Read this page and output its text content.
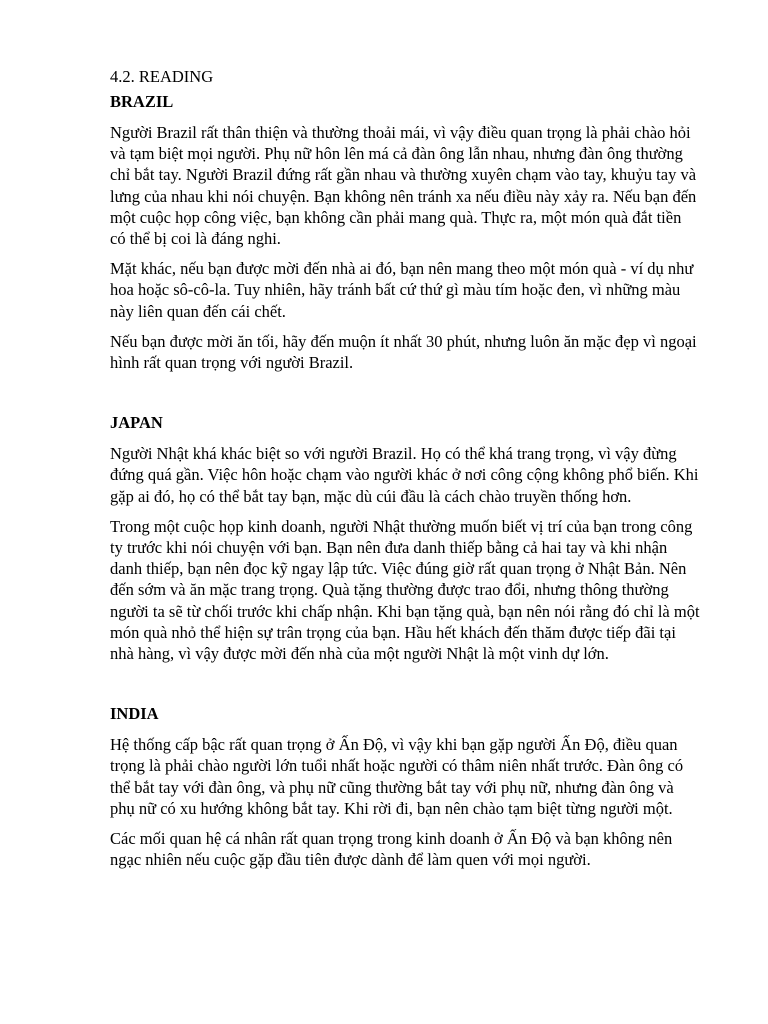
4.2. READING
BRAZIL

Người Brazil rất thân thiện và thường thoải mái, vì vậy điều quan trọng là phải chào hỏi và tạm biệt mọi người. Phụ nữ hôn lên má cả đàn ông lẫn nhau, nhưng đàn ông thường chỉ bắt tay. Người Brazil đứng rất gần nhau và thường xuyên chạm vào tay, khuỷu tay và lưng của nhau khi nói chuyện. Bạn không nên tránh xa nếu điều này xảy ra. Nếu bạn đến một cuộc họp công việc, bạn không cần phải mang quà. Thực ra, một món quà đắt tiền có thể bị coi là đáng nghi.

Mặt khác, nếu bạn được mời đến nhà ai đó, bạn nên mang theo một món quà - ví dụ như hoa hoặc sô-cô-la. Tuy nhiên, hãy tránh bất cứ thứ gì màu tím hoặc đen, vì những màu này liên quan đến cái chết.

Nếu bạn được mời ăn tối, hãy đến muộn ít nhất 30 phút, nhưng luôn ăn mặc đẹp vì ngoại hình rất quan trọng với người Brazil.

JAPAN

Người Nhật khá khác biệt so với người Brazil. Họ có thể khá trang trọng, vì vậy đừng đứng quá gần. Việc hôn hoặc chạm vào người khác ở nơi công cộng không phổ biến. Khi gặp ai đó, họ có thể bắt tay bạn, mặc dù cúi đầu là cách chào truyền thống hơn.

Trong một cuộc họp kinh doanh, người Nhật thường muốn biết vị trí của bạn trong công ty trước khi nói chuyện với bạn. Bạn nên đưa danh thiếp bằng cả hai tay và khi nhận danh thiếp, bạn nên đọc kỹ ngay lập tức. Việc đúng giờ rất quan trọng ở Nhật Bản. Nên đến sớm và ăn mặc trang trọng. Quà tặng thường được trao đổi, nhưng thông thường người ta sẽ từ chối trước khi chấp nhận. Khi bạn tặng quà, bạn nên nói rằng đó chỉ là một món quà nhỏ thể hiện sự trân trọng của bạn. Hầu hết khách đến thăm được tiếp đãi tại nhà hàng, vì vậy được mời đến nhà của một người Nhật là một vinh dự lớn.

INDIA

Hệ thống cấp bậc rất quan trọng ở Ấn Độ, vì vậy khi bạn gặp người Ấn Độ, điều quan trọng là phải chào người lớn tuổi nhất hoặc người có thâm niên nhất trước. Đàn ông có thể bắt tay với đàn ông, và phụ nữ cũng thường bắt tay với phụ nữ, nhưng đàn ông và phụ nữ có xu hướng không bắt tay. Khi rời đi, bạn nên chào tạm biệt từng người một.

Các mối quan hệ cá nhân rất quan trọng trong kinh doanh ở Ấn Độ và bạn không nên ngạc nhiên nếu cuộc gặp đầu tiên được dành để làm quen với mọi người.
